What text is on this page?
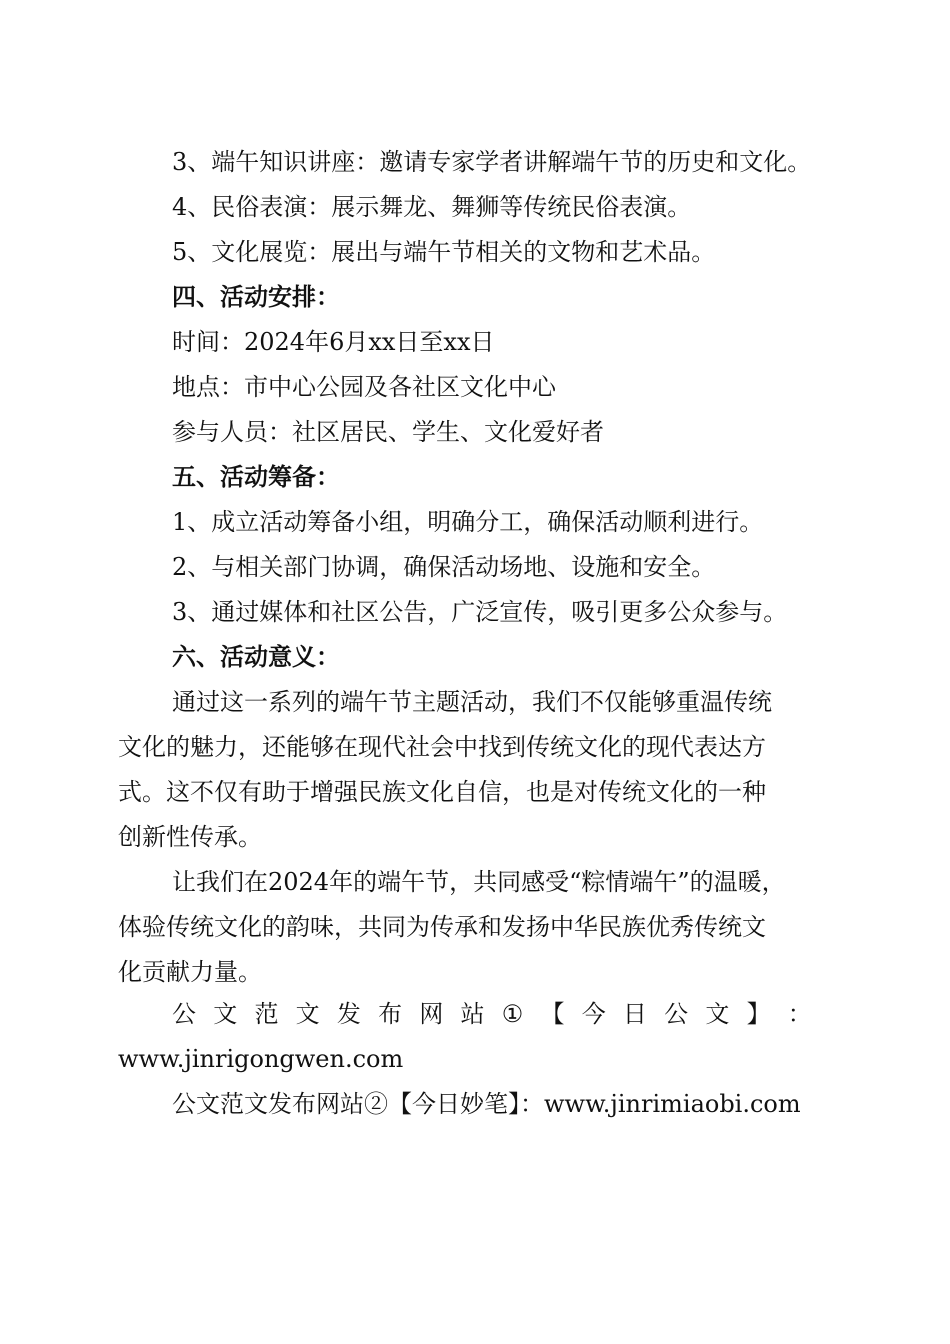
3、端午知识讲座：邀请专家学者讲解端午节的历史和文化。
4、民俗表演：展示舞龙、舞狮等传统民俗表演。
5、文化展览：展出与端午节相关的文物和艺术品。
四、活动安排：
时间：2024年6月xx日至xx日
地点：市中心公园及各社区文化中心
参与人员：社区居民、学生、文化爱好者
五、活动筹备：
1、成立活动筹备小组，明确分工，确保活动顺利进行。
2、与相关部门协调，确保活动场地、设施和安全。
3、通过媒体和社区公告，广泛宣传，吸引更多公众参与。
六、活动意义：
通过这一系列的端午节主题活动，我们不仅能够重温传统
文化的魅力，还能够在现代社会中找到传统文化的现代表达方
式。这不仅有助于增强民族文化自信，也是对传统文化的一种
创新性传承。
让我们在2024年的端午节，共同感受“粽情端午”的温暖，
体验传统文化的韵味，共同为传承和发扬中华民族优秀传统文
化贡献力量。
公 文 范 文 发 布 网 站 ① 【 今 日 公 文 】 ：
www.jinrigongwen.com
公文范文发布网站②【今日妙笔】：www.jinrimiaobi.com
